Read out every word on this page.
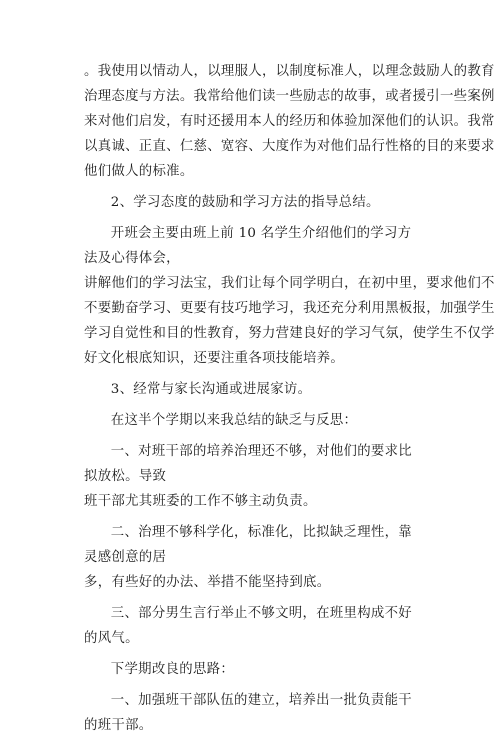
。我使用以情动人，以理服人，以制度标准人，以理念鼓励人的教育
治理态度与方法。我常给他们读一些励志的故事，或者援引一些案例
来对他们启发，有时还援用本人的经历和体验加深他们的认识。我常
以真诚、正直、仁慈、宽容、大度作为对他们品行性格的目的来要求
他们做人的标准。

2、学习态度的鼓励和学习方法的指导总结。

开班会主要由班上前 10 名学生介绍他们的学习方法及心得体会，

讲解他们的学习法宝，我们让每个同学明白，在初中里，要求他们不
不要勤奋学习、更要有技巧地学习，我还充分利用黑板报，加强学生
学习自觉性和目的性教育，努力营建良好的学习气氛，使学生不仅学
好文化根底知识，还要注重各项技能培养。

3、经常与家长沟通或进展家访。

在这半个学期以来我总结的缺乏与反思：

一、对班干部的培养治理还不够，对他们的要求比拟放松。导致

班干部尤其班委的工作不够主动负责。

二、治理不够科学化，标准化，比拟缺乏理性，靠灵感创意的居

多，有些好的办法、举措不能坚持到底。

三、部分男生言行举止不够文明，在班里构成不好的风气。

下学期改良的思路：

一、加强班干部队伍的建立，培养出一批负责能干的班干部。
